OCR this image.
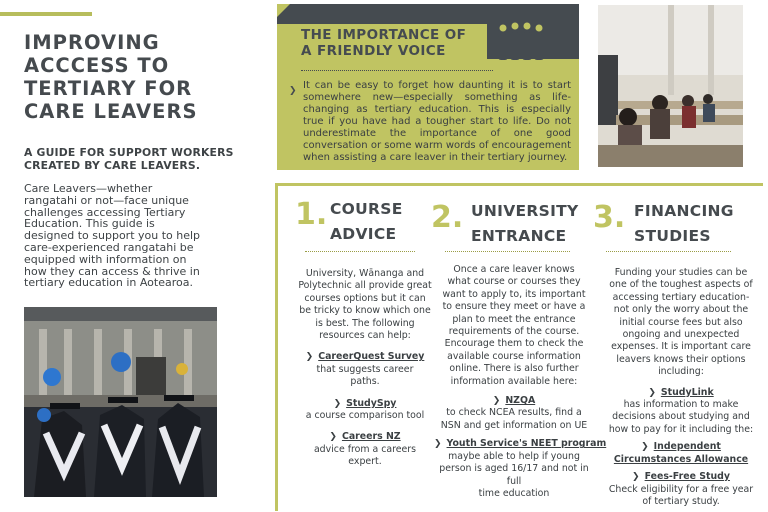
IMPROVING
ACCCESS TO
TERTIARY FOR
CARE LEAVERS
A GUIDE FOR SUPPORT WORKERS
CREATED BY CARE LEAVERS.
Care Leavers—whether
rangatahi or not—face unique
challenges accessing Tertiary
Education. This guide is
designed to support you to help
care-experienced rangatahi be
equipped with information on
how they can access & thrive in
tertiary education in Aotearoa.
THE IMPORTANCE OF
A FRIENDLY VOICE
❯ It can be easy to forget how daunting it is to start somewhere new—especially something as life-changing as tertiary education. This is especially true if you have had a tougher start to life. Do not underestimate the importance of one good conversation or some warm words of encouragement when assisting a care leaver in their tertiary journey.
1. COURSE
ADVICE
University, Wānanga and
Polytechnic all provide great
courses options but it can
be tricky to know which one
is best. The following
resources can help:
❯ CareerQuest Survey
that suggests career
paths.
❯ StudySpy
a course comparison tool
❯ Careers NZ
advice from a careers
expert.
2. UNIVERSITY
ENTRANCE
Once a care leaver knows
what course or courses they
want to apply to, its important
to ensure they meet or have a
plan to meet the entrance
requirements of the course.
Encourage them to check the
available course information
online. There is also further
information available here:
❯ NZQA
to check NCEA results, find a
NSN and get information on UE
❯ Youth Service's NEET program
maybe able to help if young
person is aged 16/17 and not in full
time education
3. FINANCING
STUDIES
Funding your studies can be
one of the toughest aspects of
accessing tertiary education-
not only the worry about the
initial course fees but also
ongoing and unexpected
expenses. It is important care
leavers knows their options
including:
❯ StudyLink
has information to make
decisions about studying and
how to pay for it including the:
❯ Independent
Circumstances Allowance
❯ Fees-Free Study
Check eligibility for a free year
of tertiary study.
